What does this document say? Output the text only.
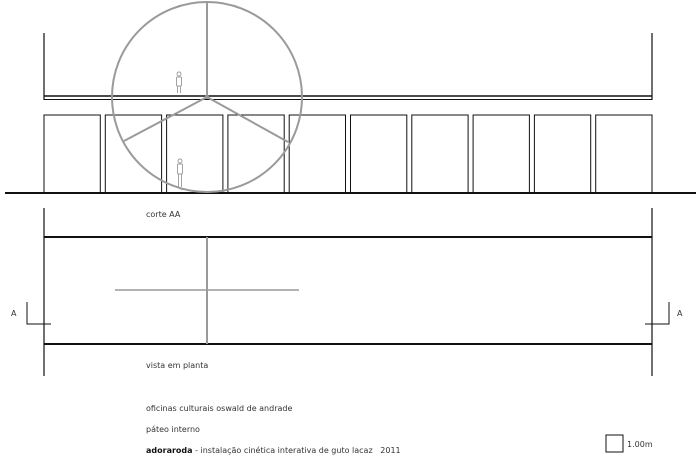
corte AA
vista em planta
A	A
1.00m
oficinas culturais oswald de andrade
páteo interno
adoraroda - instalação cinética interativa de guto lacaz   2011
